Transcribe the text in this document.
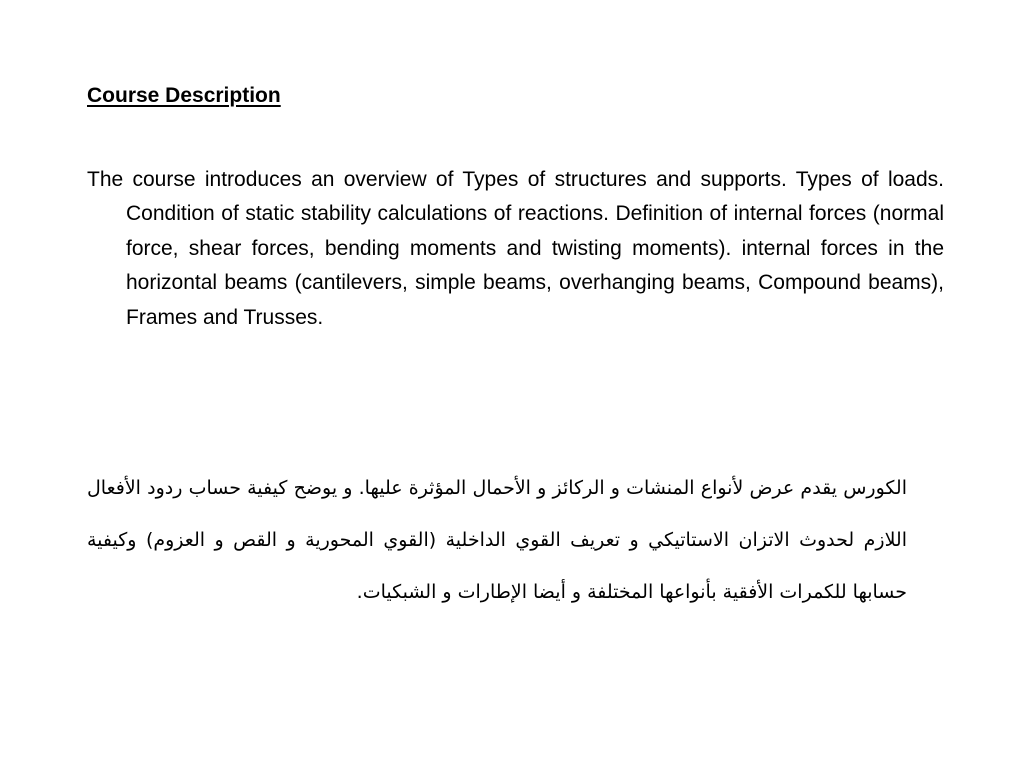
Course Description

The course introduces an overview of Types of structures and supports. Types of loads. Condition of static stability calculations of reactions. Definition of internal forces (normal force, shear forces, bending moments and twisting moments). internal forces in the horizontal beams (cantilevers, simple beams, overhanging beams, Compound beams), Frames and Trusses.

الكورس يقدم عرض لأنواع المنشات و الركائز و الأحمال المؤثرة عليها. و يوضح كيفية حساب ردود الأفعال اللازم لحدوث الاتزان الاستاتيكي و تعريف القوي الداخلية (القوي المحورية و القص و العزوم) وكيفية حسابها للكمرات الأفقية بأنواعها المختلفة و أيضا الإطارات و الشبكيات.
